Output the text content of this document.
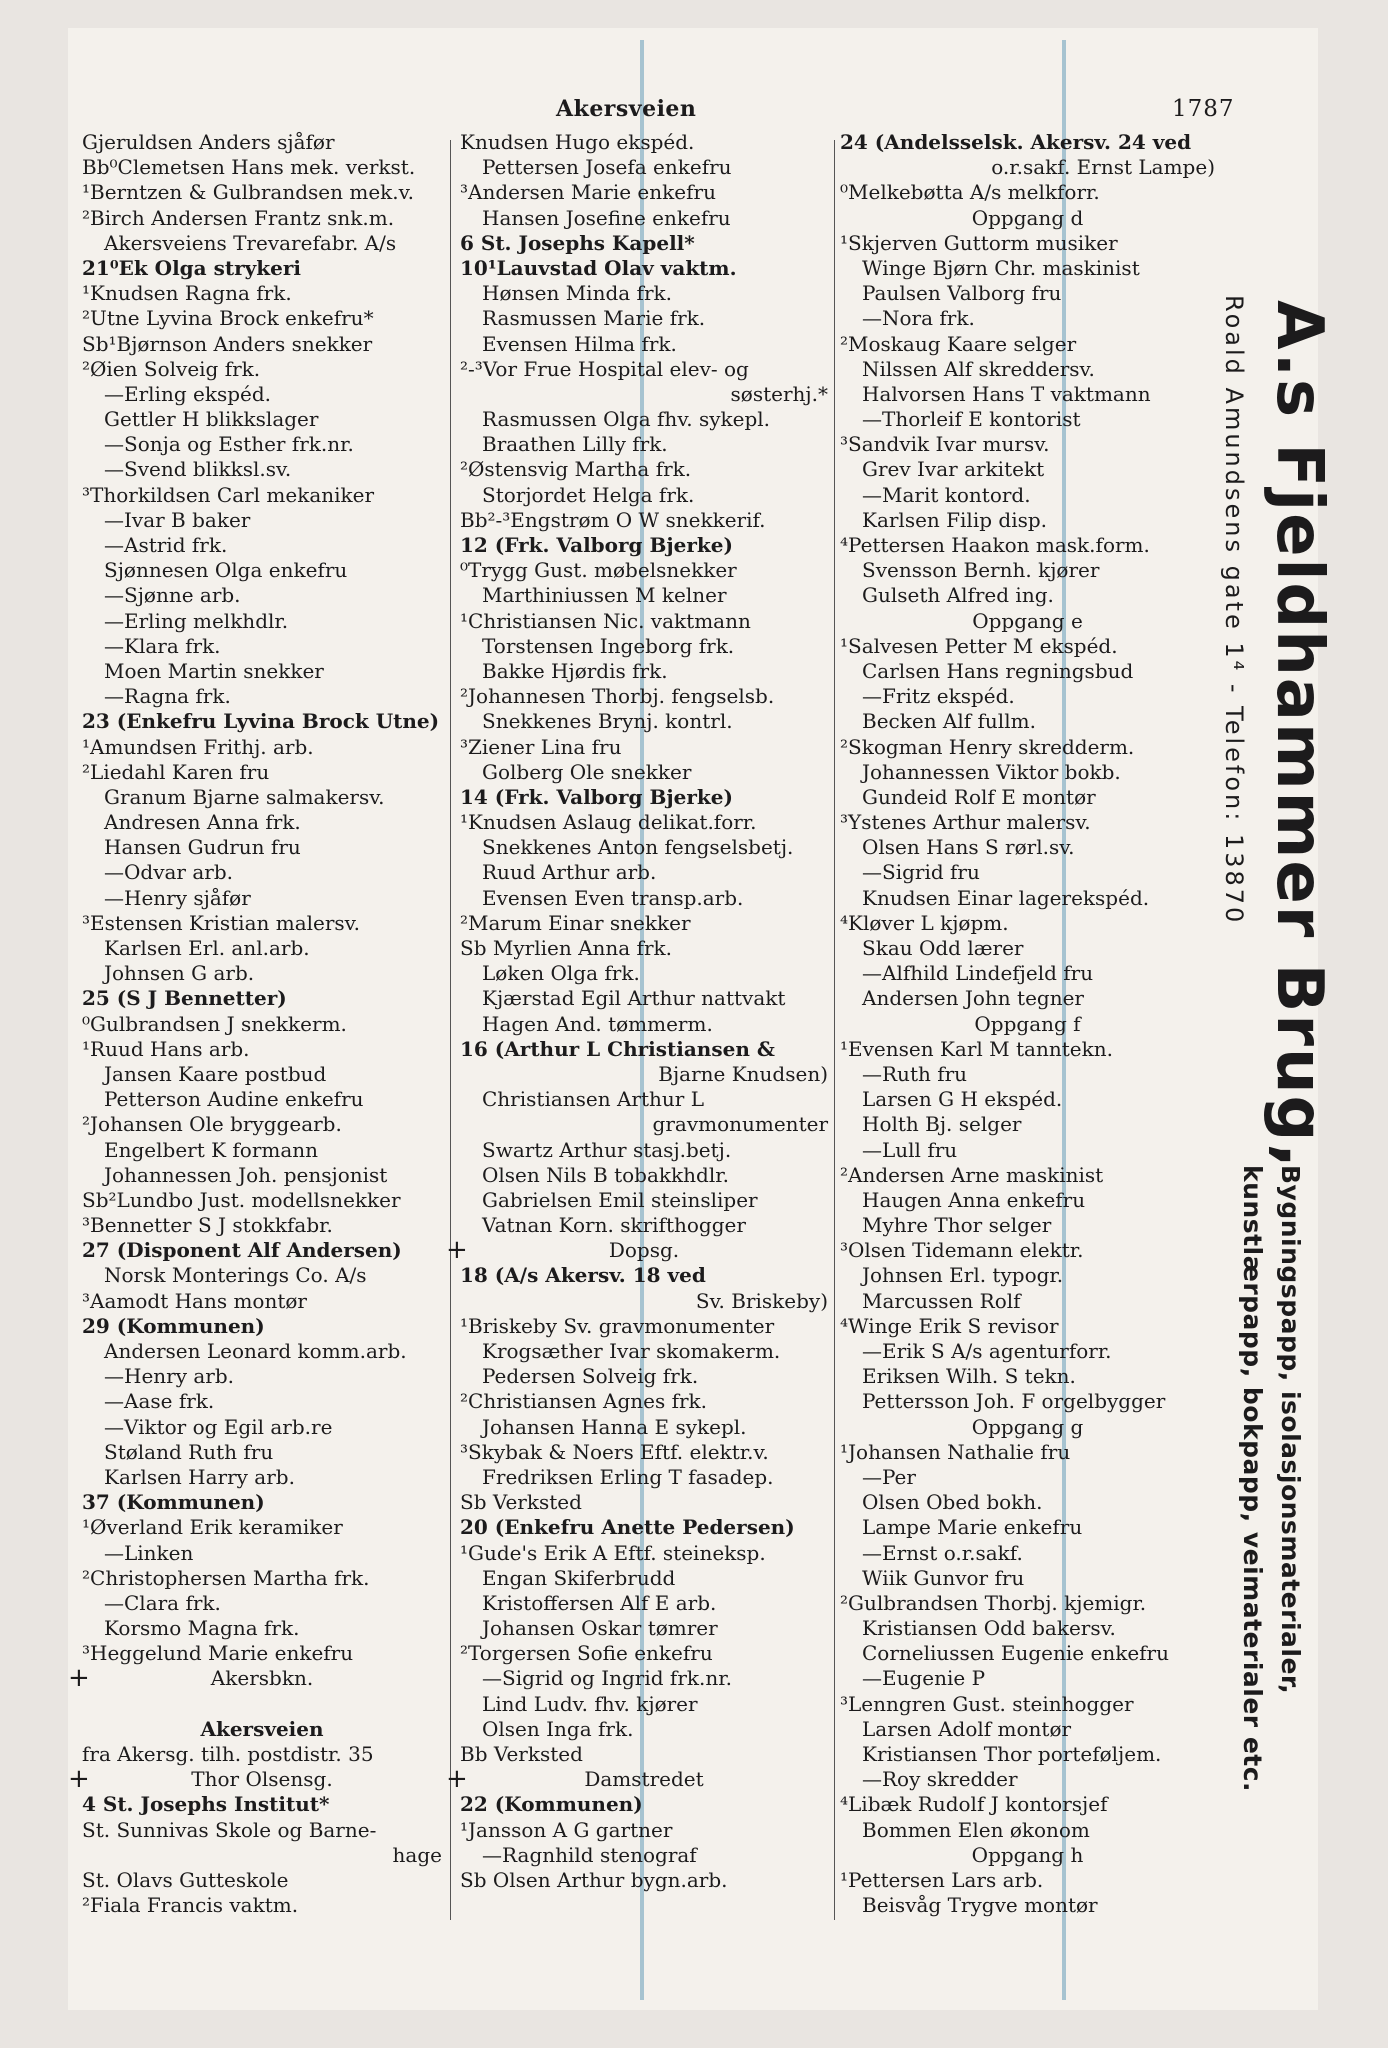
Akersveien	1787
Gjeruldsen Anders sjåfør
Bb⁰Clemetsen Hans mek. verkst.
¹Berntzen & Gulbrandsen mek.v.
²Birch Andersen Frantz snk.m.
Akersveiens Trevarefabr. A/s
21⁰Ek Olga strykeri
¹Knudsen Ragna frk.
²Utne Lyvina Brock enkefru*
Sb¹Bjørnson Anders snekker
²Øien Solveig frk.
—Erling ekspéd.
Gettler H blikkslager
—Sonja og Esther frk.nr.
—Svend blikksl.sv.
³Thorkildsen Carl mekaniker
—Ivar B baker
—Astrid frk.
Sjønnesen Olga enkefru
—Sjønne arb.
—Erling melkhdlr.
—Klara frk.
Moen Martin snekker
—Ragna frk.
23 (Enkefru Lyvina Brock Utne)
¹Amundsen Frithj. arb.
²Liedahl Karen fru
Granum Bjarne salmakersv.
Andresen Anna frk.
Hansen Gudrun fru
—Odvar arb.
—Henry sjåfør
³Estensen Kristian malersv.
Karlsen Erl. anl.arb.
Johnsen G arb.
25 (S J Bennetter)
⁰Gulbrandsen J snekkerm.
¹Ruud Hans arb.
Jansen Kaare postbud
Petterson Audine enkefru
²Johansen Ole bryggearb.
Engelbert K formann
Johannessen Joh. pensjonist
Sb²Lundbo Just. modellsnekker
³Bennetter S J stokkfabr.
27 (Disponent Alf Andersen)
Norsk Monterings Co. A/s
³Aamodt Hans montør
29 (Kommunen)
Andersen Leonard komm.arb.
—Henry arb.
—Aase frk.
—Viktor og Egil arb.re
Støland Ruth fru
Karlsen Harry arb.
37 (Kommunen)
¹Øverland Erik keramiker
—Linken
²Christophersen Martha frk.
—Clara frk.
Korsmo Magna frk.
³Heggelund Marie enkefru
Akersbkn.
+
Akersveien
fra Akersg. tilh. postdistr. 35
Thor Olsensg.
+
4 St. Josephs Institut*
St. Sunnivas Skole og Barne-
hage
St. Olavs Gutteskole
²Fiala Francis vaktm.
Knudsen Hugo ekspéd.
Pettersen Josefa enkefru
³Andersen Marie enkefru
Hansen Josefine enkefru
6 St. Josephs Kapell*
10¹Lauvstad Olav vaktm.
Hønsen Minda frk.
Rasmussen Marie frk.
Evensen Hilma frk.
²-³Vor Frue Hospital elev- og
søsterhj.*
Rasmussen Olga fhv. sykepl.
Braathen Lilly frk.
²Østensvig Martha frk.
Storjordet Helga frk.
Bb²-³Engstrøm O W snekkerif.
12 (Frk. Valborg Bjerke)
⁰Trygg Gust. møbelsnekker
Marthiniussen M kelner
¹Christiansen Nic. vaktmann
Torstensen Ingeborg frk.
Bakke Hjørdis frk.
²Johannesen Thorbj. fengselsb.
Snekkenes Brynj. kontrl.
³Ziener Lina fru
Golberg Ole snekker
14 (Frk. Valborg Bjerke)
¹Knudsen Aslaug delikat.forr.
Snekkenes Anton fengselsbetj.
Ruud Arthur arb.
Evensen Even transp.arb.
²Marum Einar snekker
Sb Myrlien Anna frk.
Løken Olga frk.
Kjærstad Egil Arthur nattvakt
Hagen And. tømmerm.
16 (Arthur L Christiansen &
Bjarne Knudsen)
Christiansen Arthur L
gravmonumenter
Swartz Arthur stasj.betj.
Olsen Nils B tobakkhdlr.
Gabrielsen Emil steinsliper
Vatnan Korn. skrifthogger
Dopsg.
+
18 (A/s Akersv. 18 ved
Sv. Briskeby)
¹Briskeby Sv. gravmonumenter
Krogsæther Ivar skomakerm.
Pedersen Solveig frk.
²Christiansen Agnes frk.
Johansen Hanna E sykepl.
³Skybak & Noers Eftf. elektr.v.
Fredriksen Erling T fasadep.
Sb Verksted
20 (Enkefru Anette Pedersen)
¹Gude's Erik A Eftf. steineksp.
Engan Skiferbrudd
Kristoffersen Alf E arb.
Johansen Oskar tømrer
²Torgersen Sofie enkefru
—Sigrid og Ingrid frk.nr.
Lind Ludv. fhv. kjører
Olsen Inga frk.
Bb Verksted
Damstredet
+
22 (Kommunen)
¹Jansson A G gartner
—Ragnhild stenograf
Sb Olsen Arthur bygn.arb.
24 (Andelsselsk. Akersv. 24 ved
o.r.sakf. Ernst Lampe)
⁰Melkebøtta A/s melkforr.
Oppgang d
¹Skjerven Guttorm musiker
Winge Bjørn Chr. maskinist
Paulsen Valborg fru
—Nora frk.
²Moskaug Kaare selger
Nilssen Alf skreddersv.
Halvorsen Hans T vaktmann
—Thorleif E kontorist
³Sandvik Ivar mursv.
Grev Ivar arkitekt
—Marit kontord.
Karlsen Filip disp.
⁴Pettersen Haakon mask.form.
Svensson Bernh. kjører
Gulseth Alfred ing.
Oppgang e
¹Salvesen Petter M ekspéd.
Carlsen Hans regningsbud
—Fritz ekspéd.
Becken Alf fullm.
²Skogman Henry skredderm.
Johannessen Viktor bokb.
Gundeid Rolf E montør
³Ystenes Arthur malersv.
Olsen Hans S rørl.sv.
—Sigrid fru
Knudsen Einar lagerekspéd.
⁴Kløver L kjøpm.
Skau Odd lærer
—Alfhild Lindefjeld fru
Andersen John tegner
Oppgang f
¹Evensen Karl M tanntekn.
—Ruth fru
Larsen G H ekspéd.
Holth Bj. selger
—Lull fru
²Andersen Arne maskinist
Haugen Anna enkefru
Myhre Thor selger
³Olsen Tidemann elektr.
Johnsen Erl. typogr.
Marcussen Rolf
⁴Winge Erik S revisor
—Erik S A/s agenturforr.
Eriksen Wilh. S tekn.
Pettersson Joh. F orgelbygger
Oppgang g
¹Johansen Nathalie fru
—Per
Olsen Obed bokh.
Lampe Marie enkefru
—Ernst o.r.sakf.
Wiik Gunvor fru
²Gulbrandsen Thorbj. kjemigr.
Kristiansen Odd bakersv.
Corneliussen Eugenie enkefru
—Eugenie P
³Lenngren Gust. steinhogger
Larsen Adolf montør
Kristiansen Thor portefølјem.
—Roy skredder
⁴Libæk Rudolf J kontorsjef
Bommen Elen økonom
Oppgang h
¹Pettersen Lars arb.
Beisvåg Trygve montør
A.s Fjeldhammer Brug,
Roald Amundsens gate 1⁴ - Telefon: 13870
Bygningspapp, isolasjonsmaterialer,
kunstlærpapp, bokpapp, veimaterialer etc.
